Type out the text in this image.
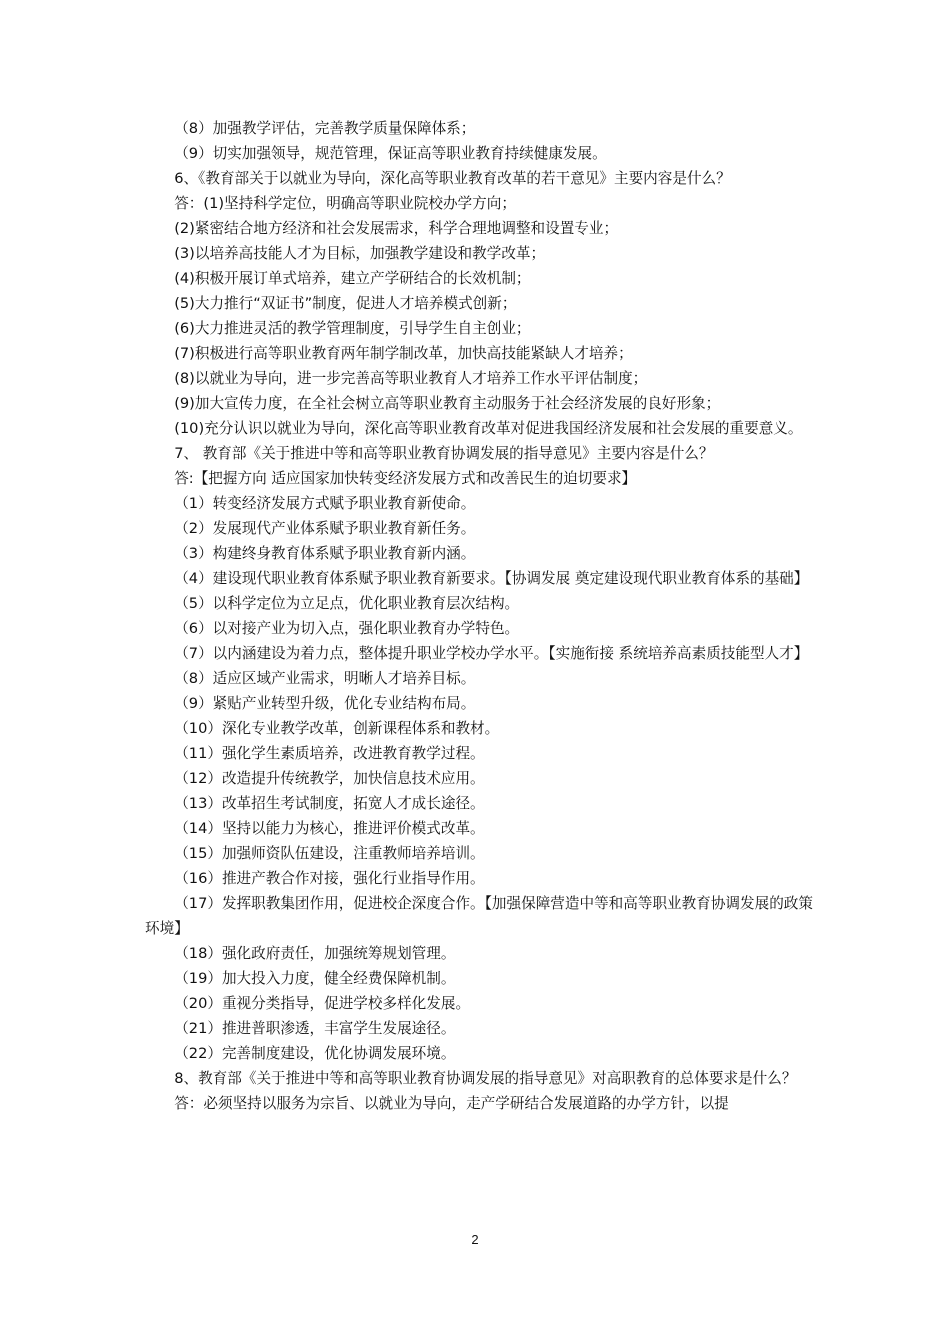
（8）加强教学评估，完善教学质量保障体系；

（9）切实加强领导，规范管理，保证高等职业教育持续健康发展。

6、《教育部关于以就业为导向，深化高等职业教育改革的若干意见》主要内容是什么？

答：(1)坚持科学定位，明确高等职业院校办学方向；

(2)紧密结合地方经济和社会发展需求，科学合理地调整和设置专业；

(3)以培养高技能人才为目标，加强教学建设和教学改革；

(4)积极开展订单式培养，建立产学研结合的长效机制；

(5)大力推行“双证书”制度，促进人才培养模式创新；

(6)大力推进灵活的教学管理制度，引导学生自主创业；

(7)积极进行高等职业教育两年制学制改革，加快高技能紧缺人才培养；

(8)以就业为导向，进一步完善高等职业教育人才培养工作水平评估制度；

(9)加大宣传力度，在全社会树立高等职业教育主动服务于社会经济发展的良好形象；

(10)充分认识以就业为导向，深化高等职业教育改革对促进我国经济发展和社会发展的重要意义。

7、 教育部《关于推进中等和高等职业教育协调发展的指导意见》主要内容是什么？

答:【把握方向 适应国家加快转变经济发展方式和改善民生的迫切要求】

（1）转变经济发展方式赋予职业教育新使命。

（2）发展现代产业体系赋予职业教育新任务。

（3）构建终身教育体系赋予职业教育新内涵。

（4）建设现代职业教育体系赋予职业教育新要求。【协调发展 奠定建设现代职业教育体系的基础】

（5）以科学定位为立足点，优化职业教育层次结构。

（6）以对接产业为切入点，强化职业教育办学特色。

（7）以内涵建设为着力点，整体提升职业学校办学水平。【实施衔接 系统培养高素质技能型人才】

（8）适应区域产业需求，明晰人才培养目标。

（9）紧贴产业转型升级，优化专业结构布局。

（10）深化专业教学改革，创新课程体系和教材。

（11）强化学生素质培养，改进教育教学过程。

（12）改造提升传统教学，加快信息技术应用。

（13）改革招生考试制度，拓宽人才成长途径。

（14）坚持以能力为核心，推进评价模式改革。

（15）加强师资队伍建设，注重教师培养培训。

（16）推进产教合作对接，强化行业指导作用。

（17）发挥职教集团作用，促进校企深度合作。【加强保障营造中等和高等职业教育协调发展的政策环境】

（18）强化政府责任，加强统筹规划管理。

（19）加大投入力度，健全经费保障机制。

（20）重视分类指导，促进学校多样化发展。

（21）推进普职渗透，丰富学生发展途径。

（22）完善制度建设，优化协调发展环境。

8、教育部《关于推进中等和高等职业教育协调发展的指导意见》对高职教育的总体要求是什么？

答：必须坚持以服务为宗旨、以就业为导向，走产学研结合发展道路的办学方针，以提

2
